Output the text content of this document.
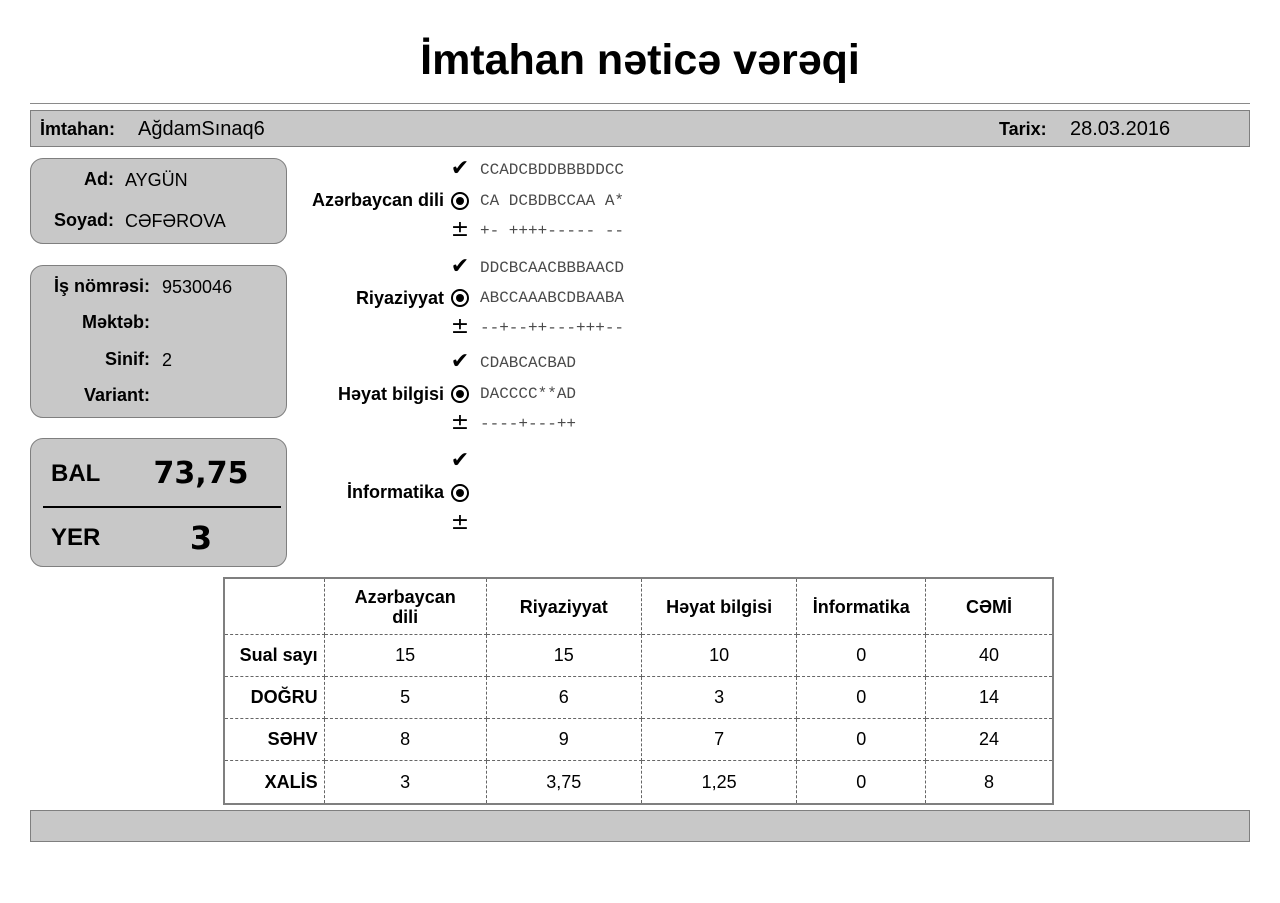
İmtahan nəticə vərəqi
İmtahan: AğdamSınaq6	Tarix: 28.03.2016
Ad: AYGÜN
Soyad: CƏFƏROVA
İş nömrəsi: 9530046
Məktəb:
Sinif: 2
Variant:
BAL 73,75
YER	3
✔ CCADCBDDBBBDDCC
Azərbaycan dili CA DCBDBCCAA A*
± +- ++++----- --
✔ DDCBCAACBBBAACD
Riyaziyyat ABCCAAABCDBAABA
± --+--++---+++--
✔ CDABCACBAD
Həyat bilgisi DACCCC**AD
± ----+---++
✔
İnformatika
±
	Azərbaycan dili	Riyaziyyat	Həyat bilgisi	İnformatika	CƏMİ
Sual sayı	15	15	10	0	40
DOĞRU	5	6	3	0	14
SƏHV	8	9	7	0	24
XALİS	3	3,75	1,25	0	8
